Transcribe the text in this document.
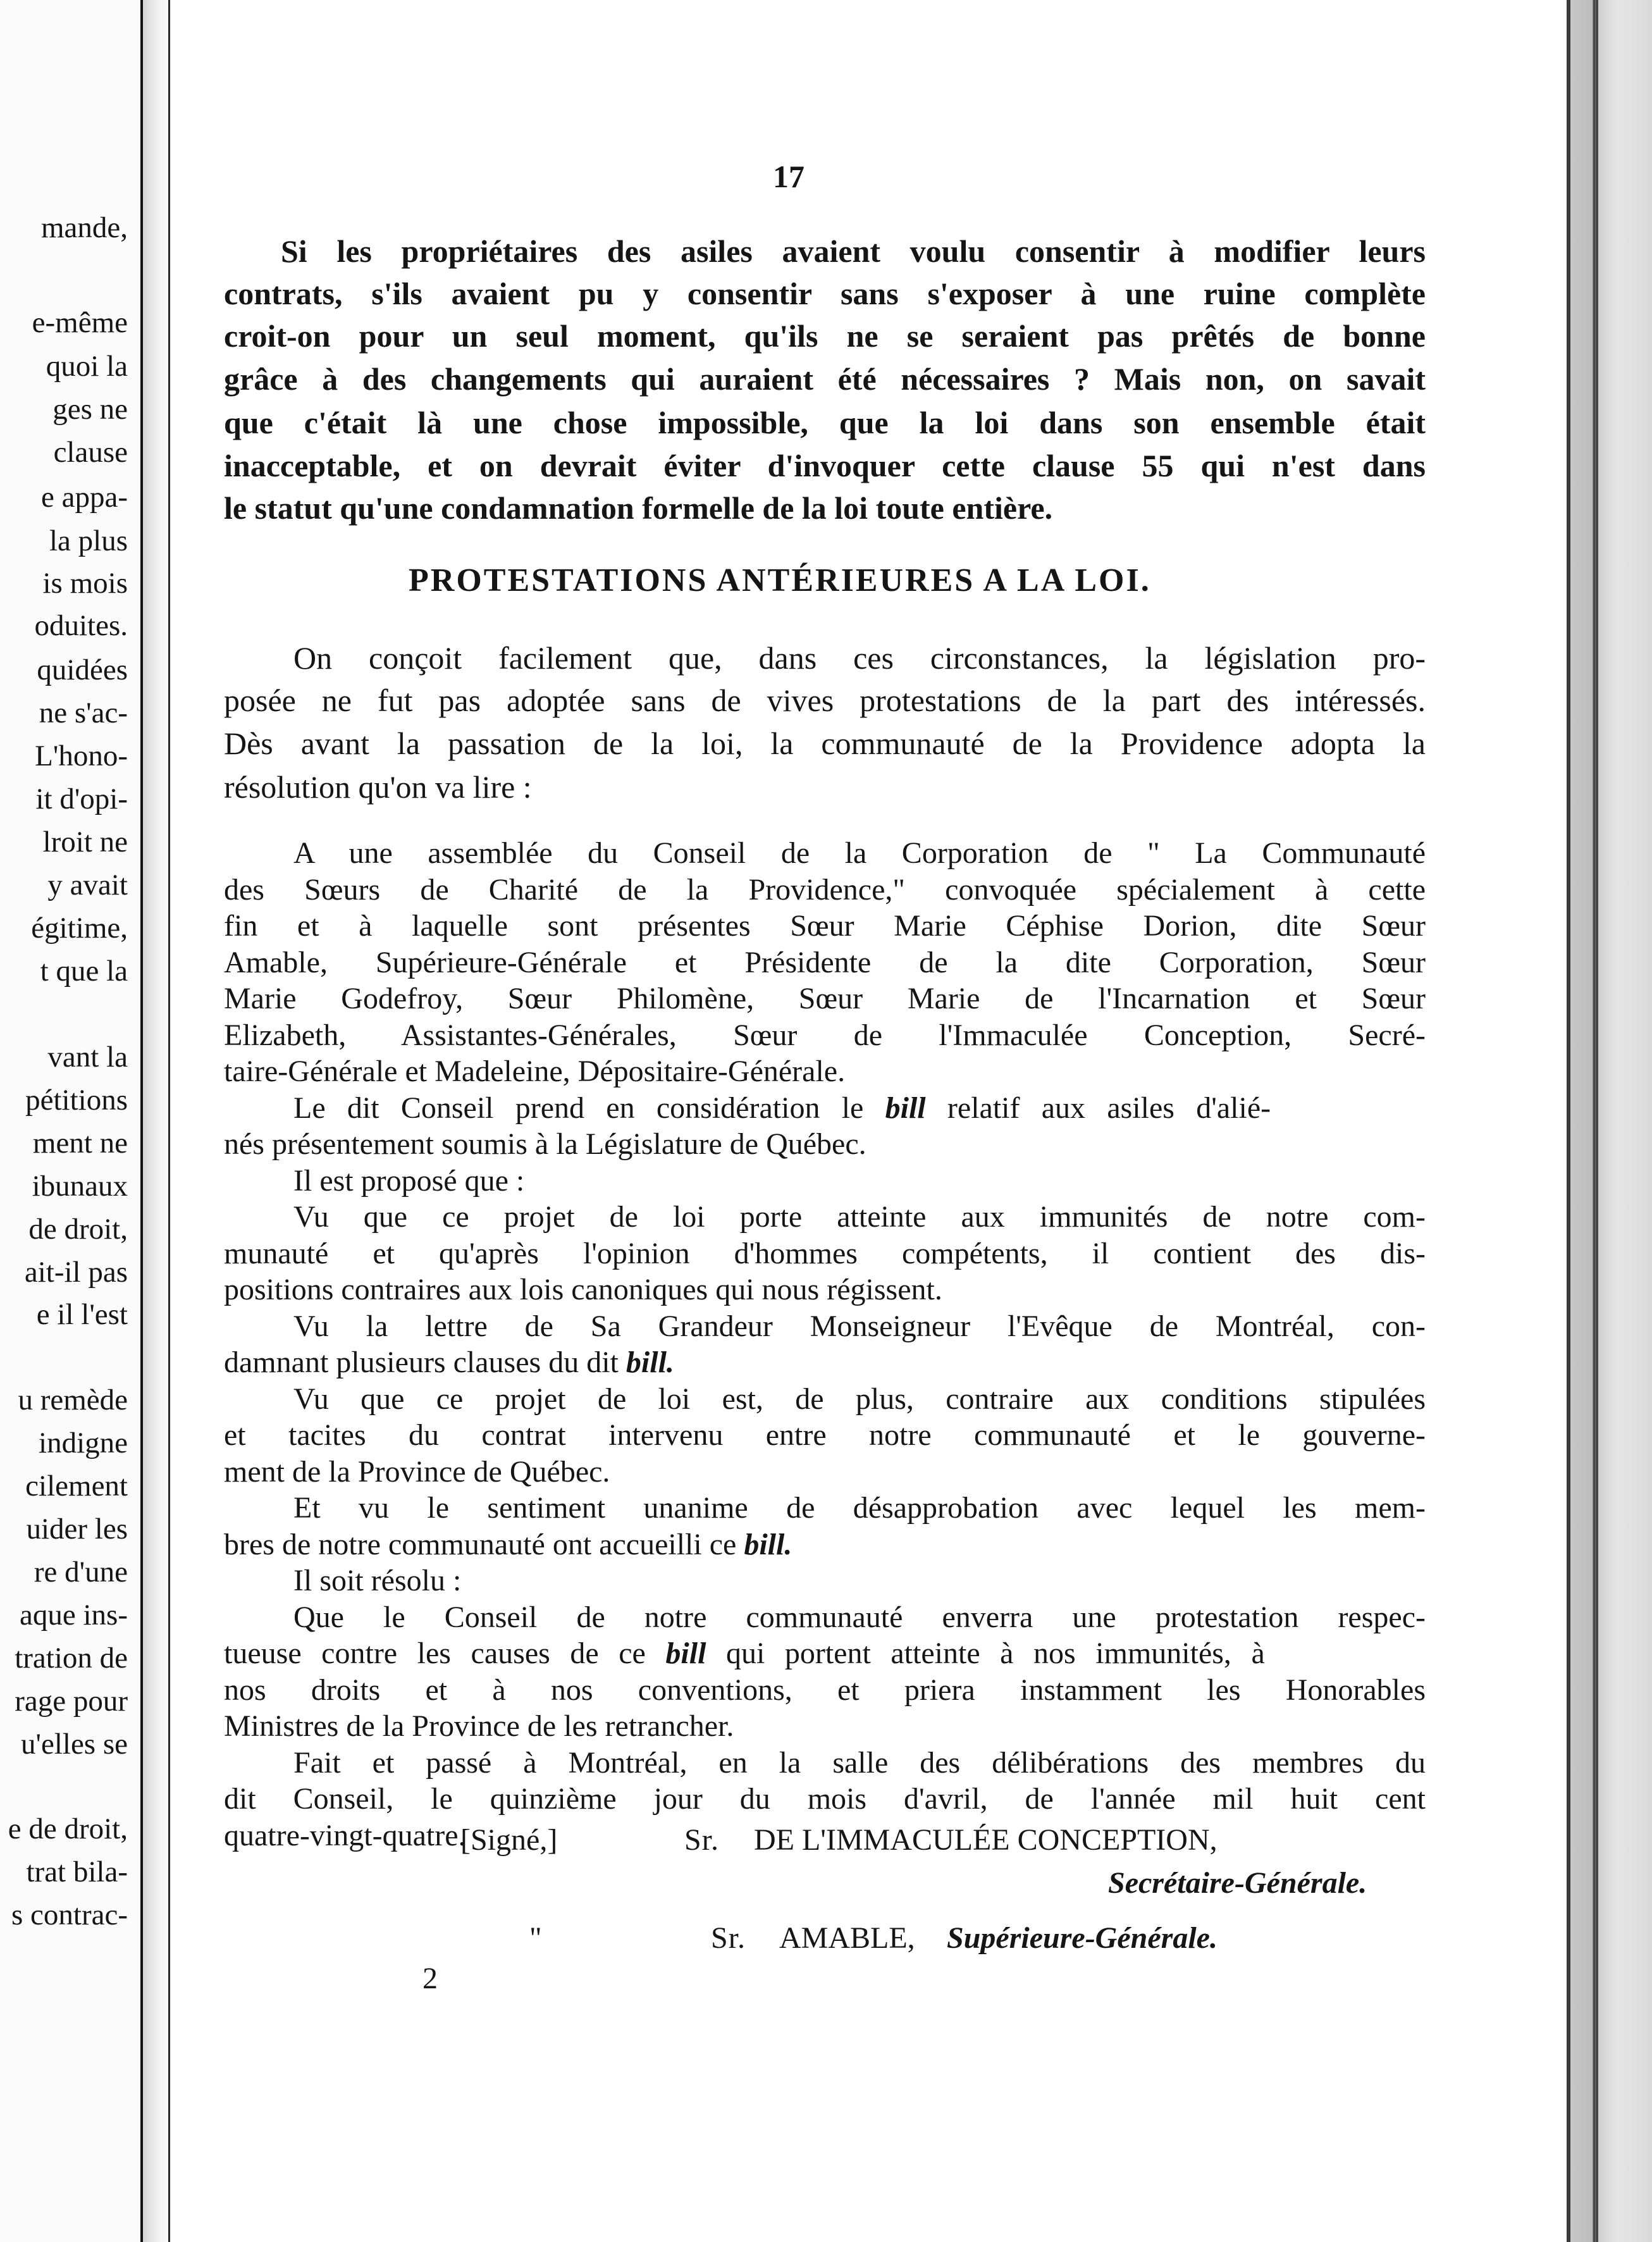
mande,
e-même
quoi la
ges ne
clause
e appa-
la plus
is mois
oduites.
quidées
ne s'ac-
L'hono-
it d'opi-
lroit ne
y avait
égitime,
t que la
vant la
pétitions
ment ne
ibunaux
de droit,
ait-il pas
e il l'est
u remède
indigne
cilement
uider les
re d'une
aque ins-
tration de
rage pour
u'elles se
e de droit,
trat bila-
s contrac-
17
2
Si les propriétaires des asiles avaient voulu consentir à modifier leurs
contrats, s'ils avaient pu y consentir sans s'exposer à une ruine complète
croit-on pour un seul moment, qu'ils ne se seraient pas prêtés de bonne
grâce à des changements qui auraient été nécessaires ? Mais non, on savait
que c'était là une chose impossible, que la loi dans son ensemble était
inacceptable, et on devrait éviter d'invoquer cette clause 55 qui n'est dans
le statut qu'une condamnation formelle de la loi toute entière.
PROTESTATIONS ANTÉRIEURES A LA LOI.
On conçoit facilement que, dans ces circonstances, la législation pro-
posée ne fut pas adoptée sans de vives protestations de la part des intéressés.
Dès avant la passation de la loi, la communauté de la Providence adopta la
résolution qu'on va lire :
A une assemblée du Conseil de la Corporation de " La Communauté
des Sœurs de Charité de la Providence," convoquée spécialement à cette
fin et à laquelle sont présentes Sœur Marie Céphise Dorion, dite Sœur
Amable, Supérieure-Générale et Présidente de la dite Corporation, Sœur
Marie Godefroy, Sœur Philomène, Sœur Marie de l'Incarnation et Sœur
Elizabeth, Assistantes-Générales, Sœur de l'Immaculée Conception, Secré-
taire-Générale et Madeleine, Dépositaire-Générale.
Le dit Conseil prend en considération le bill relatif aux asiles d'alié-
nés présentement soumis à la Législature de Québec.
Il est proposé que :
Vu que ce projet de loi porte atteinte aux immunités de notre com-
munauté et qu'après l'opinion d'hommes compétents, il contient des dis-
positions contraires aux lois canoniques qui nous régissent.
Vu la lettre de Sa Grandeur Monseigneur l'Evêque de Montréal, con-
damnant plusieurs clauses du dit bill.
Vu que ce projet de loi est, de plus, contraire aux conditions stipulées
et tacites du contrat intervenu entre notre communauté et le gouverne-
ment de la Province de Québec.
Et vu le sentiment unanime de désapprobation avec lequel les mem-
bres de notre communauté ont accueilli ce bill.
Il soit résolu :
Que le Conseil de notre communauté enverra une protestation respec-
tueuse contre les causes de ce bill qui portent atteinte à nos immunités, à
nos droits et à nos conventions, et priera instamment les Honorables
Ministres de la Province de les retrancher.
Fait et passé à Montréal, en la salle des délibérations des membres du
dit Conseil, le quinzième jour du mois d'avril, de l'année mil huit cent
quatre-vingt-quatre.
[Signé,]	Sr. DE L'IMMACULÉE CONCEPTION,
Secrétaire-Générale.
"	Sr. AMABLE, Supérieure-Générale.
